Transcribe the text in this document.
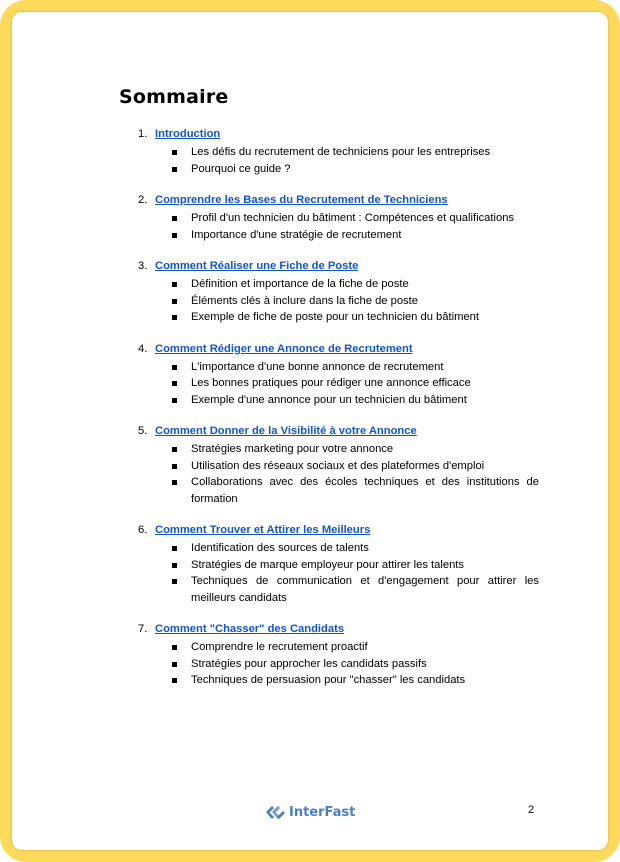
Sommaire
1. Introduction
Les défis du recrutement de techniciens pour les entreprises
Pourquoi ce guide ?
2. Comprendre les Bases du Recrutement de Techniciens
Profil d'un technicien du bâtiment : Compétences et qualifications
Importance d'une stratégie de recrutement
3. Comment Réaliser une Fiche de Poste
Définition et importance de la fiche de poste
Éléments clés à inclure dans la fiche de poste
Exemple de fiche de poste pour un technicien du bâtiment
4. Comment Rédiger une Annonce de Recrutement
L'importance d'une bonne annonce de recrutement
Les bonnes pratiques pour rédiger une annonce efficace
Exemple d'une annonce pour un technicien du bâtiment
5. Comment Donner de la Visibilité à votre Annonce
Stratégies marketing pour votre annonce
Utilisation des réseaux sociaux et des plateformes d'emploi
Collaborations avec des écoles techniques et des institutions de formation
6. Comment Trouver et Attirer les Meilleurs
Identification des sources de talents
Stratégies de marque employeur pour attirer les talents
Techniques de communication et d'engagement pour attirer les meilleurs candidats
7. Comment "Chasser" des Candidats
Comprendre le recrutement proactif
Stratégies pour approcher les candidats passifs
Techniques de persuasion pour "chasser" les candidats
InterFast	2
